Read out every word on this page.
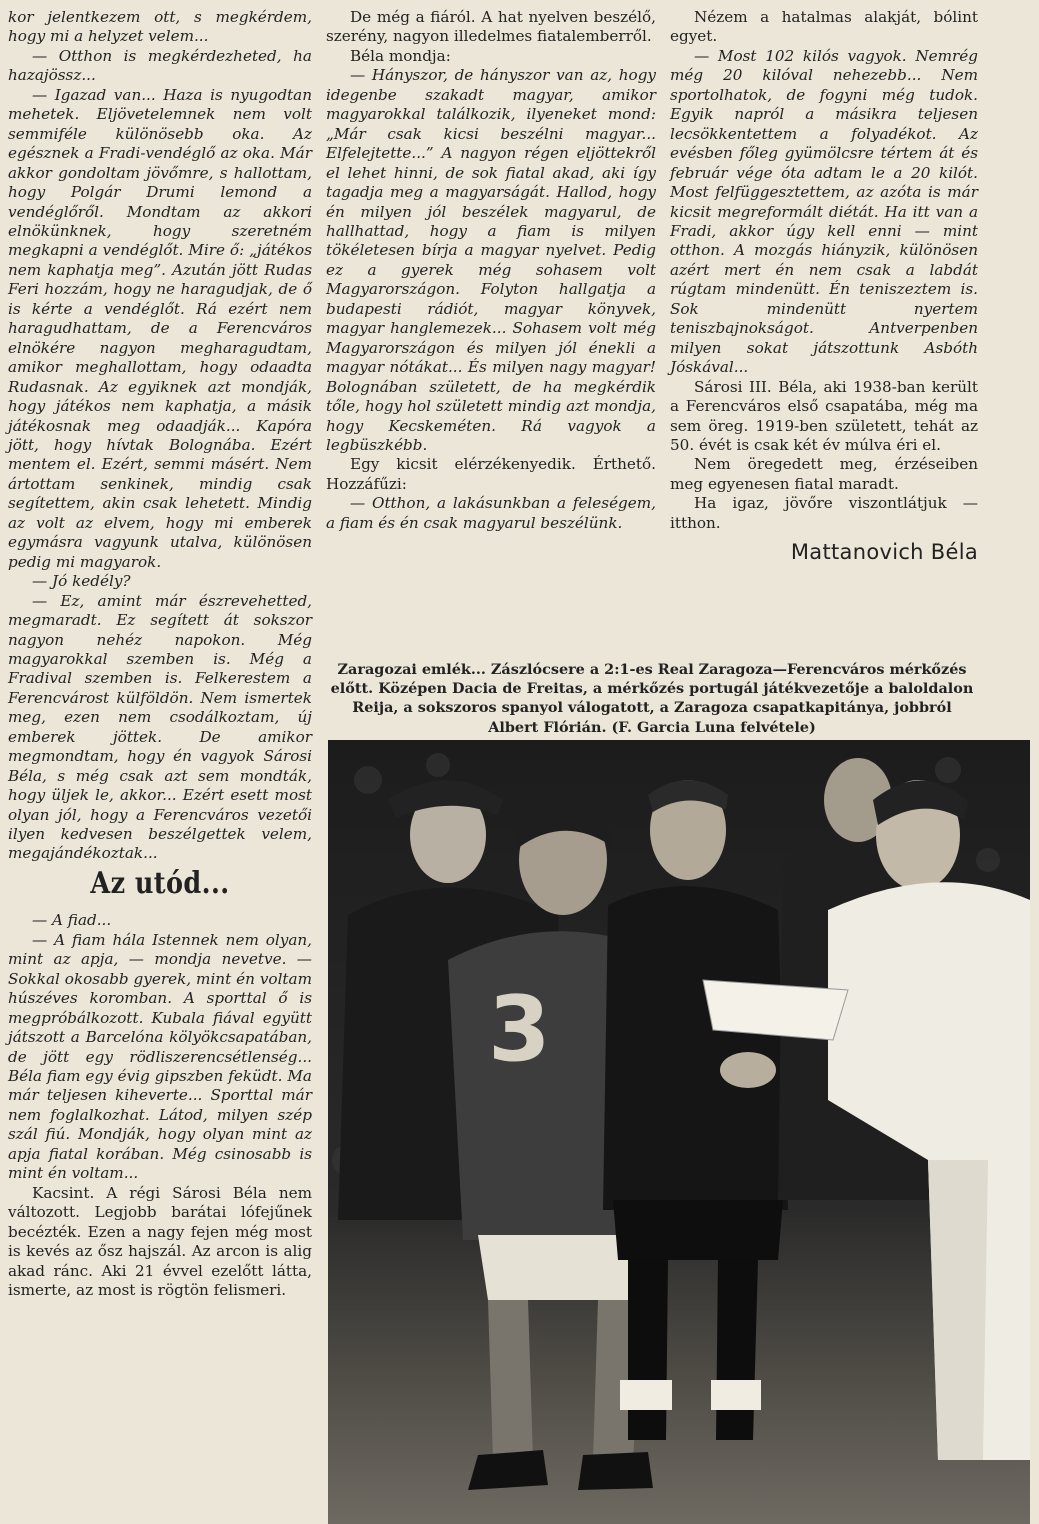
kor jelentkezem ott, s megkérdem, hogy mi a helyzet velem...

— Otthon is megkérdezheted, ha hazajössz...

— Igazad van... Haza is nyugodtan mehetek. Eljövetelemnek nem volt semmiféle különösebb oka. Az egésznek a Fradi-vendéglő az oka. Már akkor gondoltam jövőmre, s hallottam, hogy Polgár Drumi lemond a vendéglőről. Mondtam az akkori elnökünknek, hogy szeretném megkapni a vendéglőt. Mire ő: „játékos nem kaphatja meg”. Azután jött Rudas Feri hozzám, hogy ne haragudjak, de ő is kérte a vendéglőt. Rá ezért nem haragudhattam, de a Ferencváros elnökére nagyon megharagudtam, amikor meghallottam, hogy odaadta Rudasnak. Az egyiknek azt mondják, hogy játékos nem kaphatja, a másik játékosnak meg odaadják... Kapóra jött, hogy hívtak Bolognába. Ezért mentem el. Ezért, semmi másért. Nem ártottam senkinek, mindig csak segítettem, akin csak lehetett. Mindig az volt az elvem, hogy mi emberek egymásra vagyunk utalva, különösen pedig mi magyarok.

— Jó kedély?

— Ez, amint már észrevehetted, megmaradt. Ez segített át sokszor nagyon nehéz napokon. Még magyarokkal szemben is. Még a Fradival szemben is. Felkerestem a Ferencvárost külföldön. Nem ismertek meg, ezen nem csodálkoztam, új emberek jöttek. De amikor megmondtam, hogy én vagyok Sárosi Béla, s még csak azt sem mondták, hogy üljek le, akkor... Ezért esett most olyan jól, hogy a Ferencváros vezetői ilyen kedvesen beszélgettek velem, megajándékoztak...

Az utód...

— A fiad...

— A fiam hála Istennek nem olyan, mint az apja, — mondja nevetve. — Sokkal okosabb gyerek, mint én voltam húszéves koromban. A sporttal ő is megpróbálkozott. Kubala fiával együtt játszott a Barcelóna kölyökcsapatában, de jött egy rödliszerencsétlenség... Béla fiam egy évig gipszben feküdt. Ma már teljesen kiheverte... Sporttal már nem foglalkozhat. Látod, milyen szép szál fiú. Mondják, hogy olyan mint az apja fiatal korában. Még csinosabb is mint én voltam...

Kacsint. A régi Sárosi Béla nem változott. Legjobb barátai lófejűnek becézték. Ezen a nagy fejen még most is kevés az ősz hajszál. Az arcon is alig akad ránc. Aki 21 évvel ezelőtt látta, ismerte, az most is rögtön felismeri.

De még a fiáról. A hat nyelven beszélő, szerény, nagyon illedelmes fiatalemberről.

Béla mondja:

— Hányszor, de hányszor van az, hogy idegenbe szakadt magyar, amikor magyarokkal találkozik, ilyeneket mond: „Már csak kicsi beszélni magyar... Elfelejtette...” A nagyon régen eljöttekről el lehet hinni, de sok fiatal akad, aki így tagadja meg a magyarságát. Hallod, hogy én milyen jól beszélek magyarul, de hallhattad, hogy a fiam is milyen tökéletesen bírja a magyar nyelvet. Pedig ez a gyerek még sohasem volt Magyarországon. Folyton hallgatja a budapesti rádiót, magyar könyvek, magyar hanglemezek... Sohasem volt még Magyarországon és milyen jól énekli a magyar nótákat... És milyen nagy magyar! Bolognában született, de ha megkérdik tőle, hogy hol született mindig azt mondja, hogy Kecskeméten. Rá vagyok a legbüszkébb.

Egy kicsit elérzékenyedik. Érthető. Hozzáfűzi:

— Otthon, a lakásunkban a feleségem, a fiam és én csak magyarul beszélünk.

Nézem a hatalmas alakját, bólint egyet.

— Most 102 kilós vagyok. Nemrég még 20 kilóval nehezebb... Nem sportolhatok, de fogyni még tudok. Egyik napról a másikra teljesen lecsökkentettem a folyadékot. Az evésben főleg gyümölcsre tértem át és február vége óta adtam le a 20 kilót. Most felfüggesztettem, az azóta is már kicsit megreformált diétát. Ha itt van a Fradi, akkor úgy kell enni — mint otthon. A mozgás hiányzik, különösen azért mert én nem csak a labdát rúgtam mindenütt. Én teniszeztem is. Sok mindenütt nyertem teniszbajnokságot. Antverpenben milyen sokat játszottunk Asbóth Jóskával...

Sárosi III. Béla, aki 1938-ban került a Ferencváros első csapatába, még ma sem öreg. 1919-ben született, tehát az 50. évét is csak két év múlva éri el.

Nem öregedett meg, érzéseiben meg egyenesen fiatal maradt.

Ha igaz, jövőre viszontlátjuk — itthon.

Mattanovich Béla

Zaragozai emlék... Zászlócsere a 2:1-es Real Zaragoza—Ferencváros mérkőzés előtt. Középen Dacia de Freitas, a mérkőzés portugál játékvezetője a baloldalon Reija, a sokszoros spanyol válogatott, a Zaragoza csapatkapitánya, jobbról Albert Flórián. (F. Garcia Luna felvétele)
3
